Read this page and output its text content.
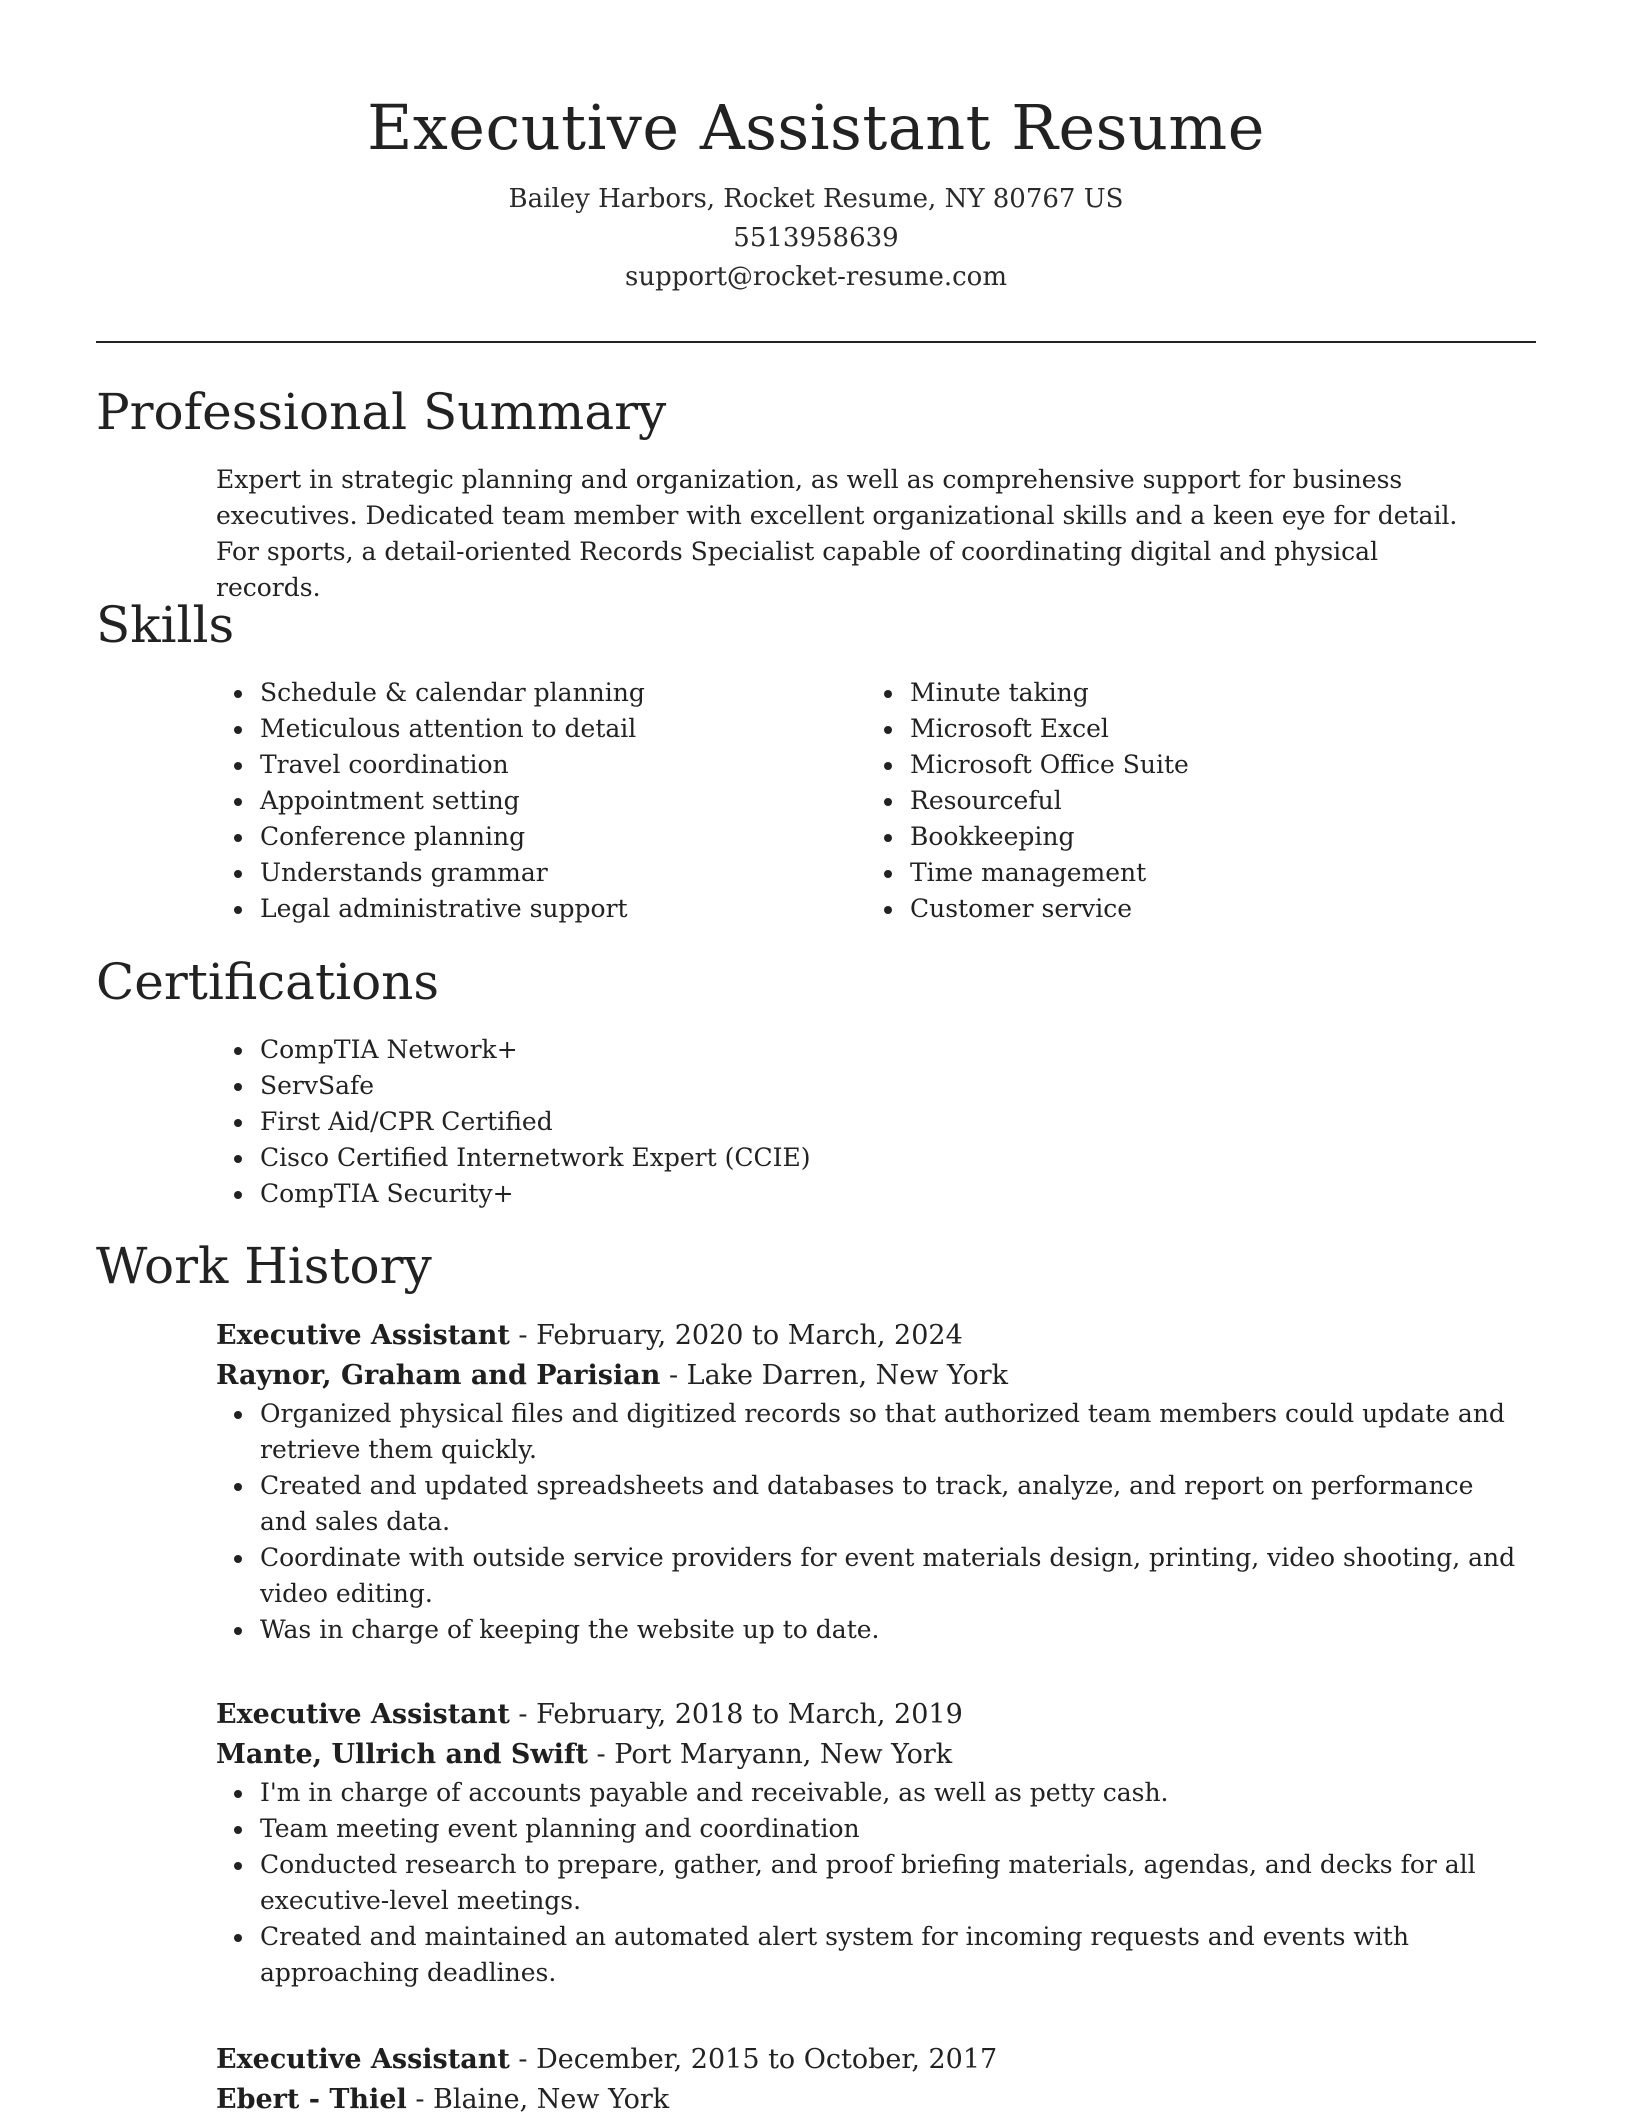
Executive Assistant Resume
Bailey Harbors, Rocket Resume, NY 80767 US
5513958639
support@rocket-resume.com
Professional Summary

Expert in strategic planning and organization, as well as comprehensive support for business executives. Dedicated team member with excellent organizational skills and a keen eye for detail. For sports, a detail-oriented Records Specialist capable of coordinating digital and physical records.

Skills
Schedule & calendar planning
Meticulous attention to detail
Travel coordination
Appointment setting
Conference planning
Understands grammar
Legal administrative support
Minute taking
Microsoft Excel
Microsoft Office Suite
Resourceful
Bookkeeping
Time management
Customer service
Certifications
CompTIA Network+
ServSafe
First Aid/CPR Certified
Cisco Certified Internetwork Expert (CCIE)
CompTIA Security+
Work History
Executive Assistant - February, 2020 to March, 2024
Raynor, Graham and Parisian - Lake Darren, New York
Organized physical files and digitized records so that authorized team members could update and retrieve them quickly.
Created and updated spreadsheets and databases to track, analyze, and report on performance and sales data.
Coordinate with outside service providers for event materials design, printing, video shooting, and video editing.
Was in charge of keeping the website up to date.
Executive Assistant - February, 2018 to March, 2019
Mante, Ullrich and Swift - Port Maryann, New York
I'm in charge of accounts payable and receivable, as well as petty cash.
Team meeting event planning and coordination
Conducted research to prepare, gather, and proof briefing materials, agendas, and decks for all executive-level meetings.
Created and maintained an automated alert system for incoming requests and events with approaching deadlines.
Executive Assistant - December, 2015 to October, 2017
Ebert - Thiel - Blaine, New York
